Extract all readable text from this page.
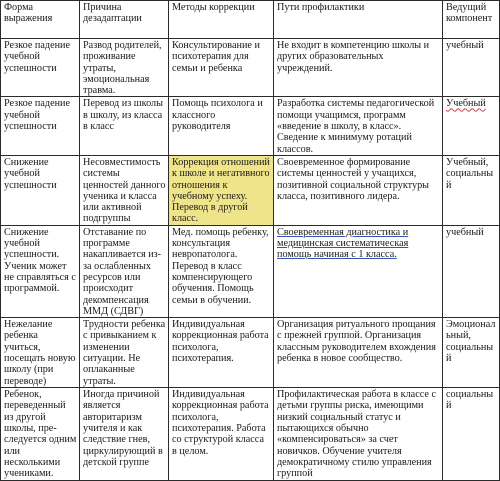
Форма выражения	Причина дезадаптации	Методы коррекции	Пути профилактики	Ведущий компонент
Резкое падение учебной успешности	Развод родителей, проживание утраты, эмоциональная травма.	Консультирование и психотерапия для семьи и ребенка	Не входит в компетенцию школы и других образовательных учреждений.	учебный
Резкое падение учебной успешности	Перевод из школы в школу, из класса в класс	Помощь психолога и классного руководителя	Разработка системы педагогической помощи учащимся, программ «введение в школу, в класс». Сведение к минимуму ротаций классов.	Учебный
Снижение учебной успешности	Несовместимость системы ценностей данного ученика и класса или активной подгруппы	Коррекция отношений к школе и негативного отношения к учебному успеху. Перевод в другой класс.	Своевременное формирование системы ценностей у учащихся, позитивной социальной структуры класса, позитивного лидера.	Учебный, социальный
Снижение учебной успешности. Ученик может не справляться с программой.	Отставание по программе накапливается из-за ослабленных ресурсов или происходит декомпенсация ММД (СДВГ)	Мед. помощь ребенку, консультация невропатолога. Перевод в класс компенсирующего обучения. Помощь семьи в обучении.	Своевременная диагностика и медицинская систематическая помощь начиная с 1 класса.	учебный
Нежелание ребенка учиться, посещать новую школу (при переводе)	Трудности ребенка с привыканием к изменении ситуации. Не оплаканные утраты.	Индивидуальная коррекционная работа психолога, психотерапия.	Организация ритуального прощания с прежней группой. Организация классным руководителем вхождения ребенка в новое сообщество.	Эмоциональный, социальный
Ребенок, переведенный из другой школы, пре-следуется одним или несколькими учениками.	Иногда причиной является авторитаризм учителя и как следствие гнев, циркулирующий в детской группе	Индивидуальная коррекционная работа психолога, психотерапия. Работа со структурой класса в целом.	Профилактическая работа в классе с детьми группы риска, имеющими низкий социальный статус и пытающихся обычно «компенсироваться» за счет новичков. Обучение учителя демократичному стилю управления группой	социальный
